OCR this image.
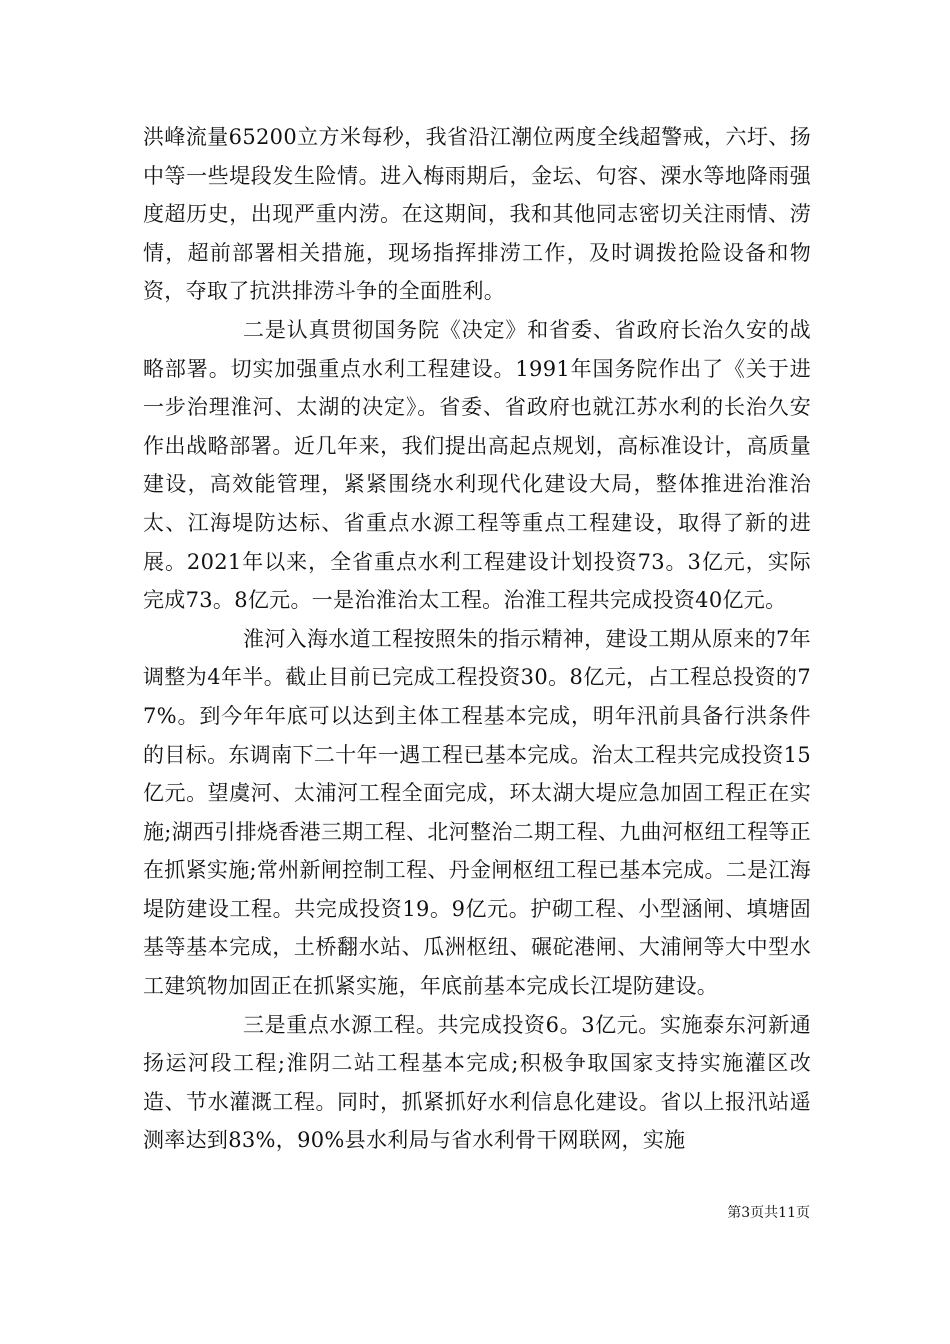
洪峰流量65200立方米每秒，我省沿江潮位两度全线超警戒，六圩、扬中等一些堤段发生险情。进入梅雨期后，金坛、句容、溧水等地降雨强度超历史，出现严重内涝。在这期间，我和其他同志密切关注雨情、涝情，超前部署相关措施，现场指挥排涝工作，及时调拨抢险设备和物资，夺取了抗洪排涝斗争的全面胜利。

二是认真贯彻国务院《决定》和省委、省政府长治久安的战略部署。切实加强重点水利工程建设。1991年国务院作出了《关于进一步治理淮河、太湖的决定》。省委、省政府也就江苏水利的长治久安作出战略部署。近几年来，我们提出高起点规划，高标准设计，高质量建设，高效能管理，紧紧围绕水利现代化建设大局，整体推进治淮治太、江海堤防达标、省重点水源工程等重点工程建设，取得了新的进展。2021年以来，全省重点水利工程建设计划投资73。3亿元，实际完成73。8亿元。一是治淮治太工程。治淮工程共完成投资40亿元。

淮河入海水道工程按照朱的指示精神，建设工期从原来的7年调整为4年半。截止目前已完成工程投资30。8亿元，占工程总投资的77%。到今年年底可以达到主体工程基本完成，明年汛前具备行洪条件的目标。东调南下二十年一遇工程已基本完成。治太工程共完成投资15亿元。望虞河、太浦河工程全面完成，环太湖大堤应急加固工程正在实施;湖西引排烧香港三期工程、北河整治二期工程、九曲河枢纽工程等正在抓紧实施;常州新闸控制工程、丹金闸枢纽工程已基本完成。二是江海堤防建设工程。共完成投资19。9亿元。护砌工程、小型涵闸、填塘固基等基本完成，土桥翻水站、瓜洲枢纽、碾砣港闸、大浦闸等大中型水工建筑物加固正在抓紧实施，年底前基本完成长江堤防建设。

三是重点水源工程。共完成投资6。3亿元。实施泰东河新通扬运河段工程;淮阴二站工程基本完成;积极争取国家支持实施灌区改造、节水灌溉工程。同时，抓紧抓好水利信息化建设。省以上报汛站遥测率达到83%，90%县水利局与省水利骨干网联网，实施

第3页共11页
